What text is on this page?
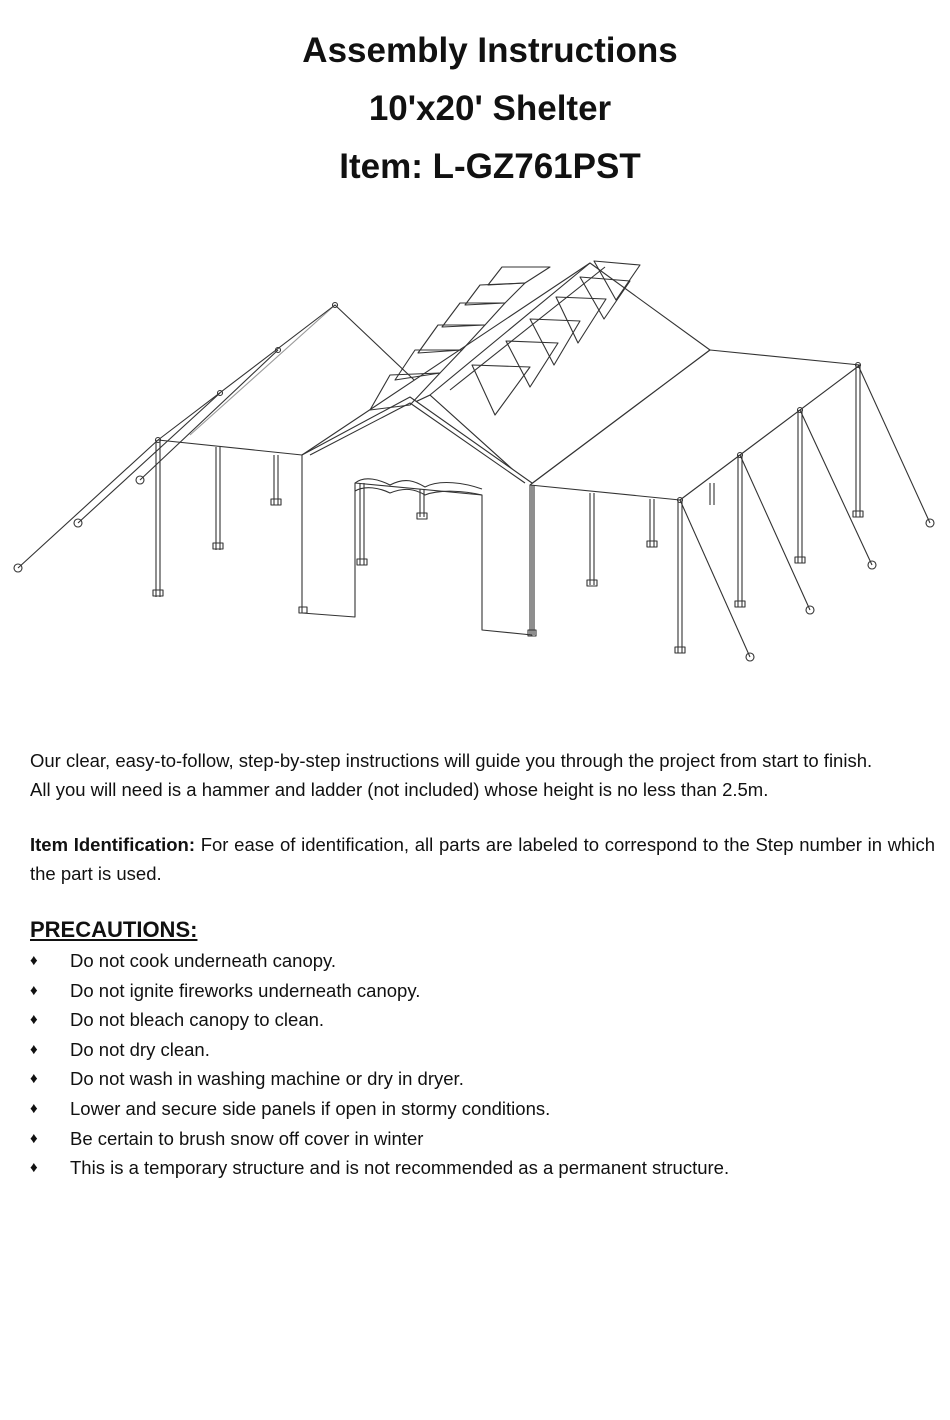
Assembly Instructions

10'x20' Shelter

Item: L-GZ761PST

Our clear, easy-to-follow, step-by-step instructions will guide you through the project from start to finish.
All you will need is a hammer and ladder (not included) whose height is no less than 2.5m.
Item Identification: For ease of identification, all parts are labeled to correspond to the Step number in which the part is used.
PRECAUTIONS:
♦ Do not cook underneath canopy.
♦ Do not ignite fireworks underneath canopy.
♦ Do not bleach canopy to clean.
♦ Do not dry clean.
♦ Do not wash in washing machine or dry in dryer.
♦ Lower and secure side panels if open in stormy conditions.
♦ Be certain to brush snow off cover in winter
♦ This is a temporary structure and is not recommended as a permanent structure.
